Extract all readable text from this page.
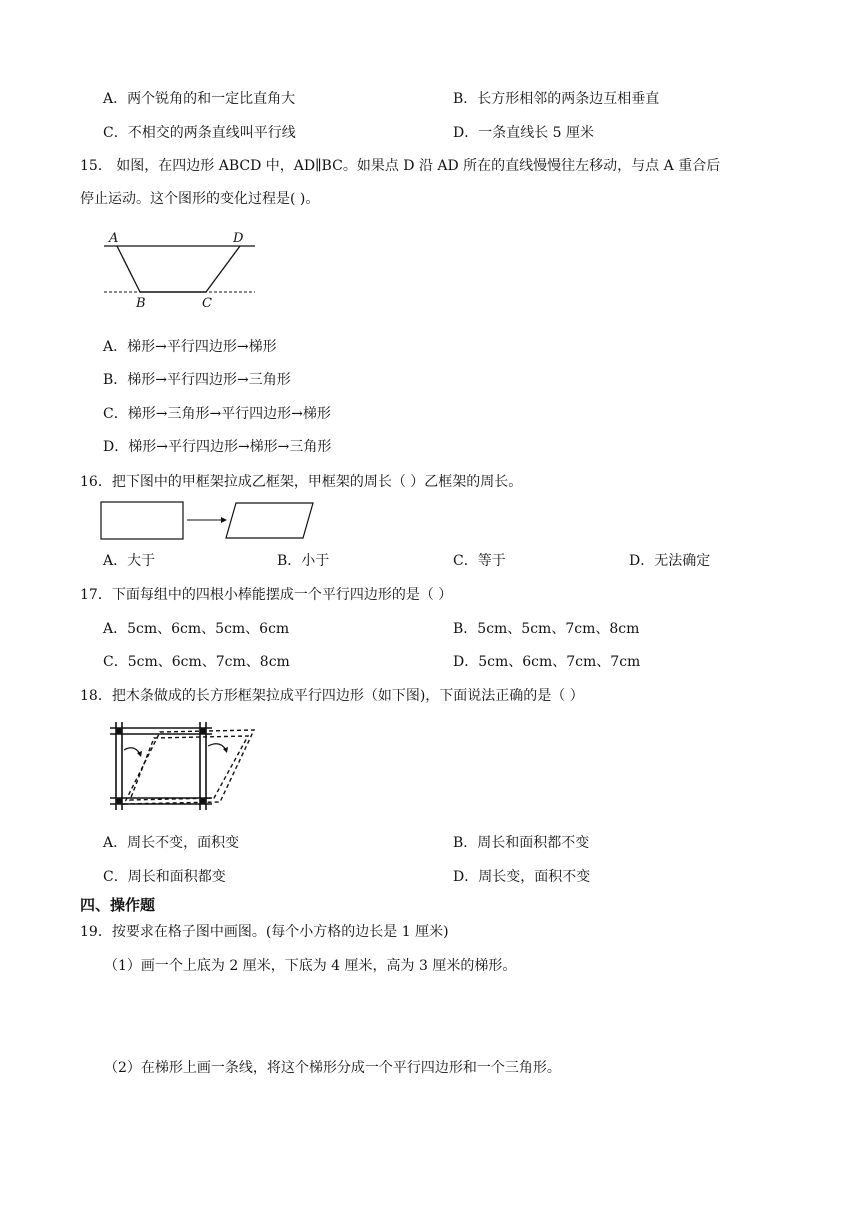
A．两个锐角的和一定比直角大	B．长方形相邻的两条边互相垂直
C．不相交的两条直线叫平行线	D．一条直线长 5 厘米
15． 如图，在四边形 ABCD 中，AD∥BC。如果点 D 沿 AD 所在的直线慢慢往左移动，与点 A 重合后
停止运动。这个图形的变化过程是( )。
A	D
B	C
A．梯形→平行四边形→梯形
B．梯形→平行四边形→三角形
C．梯形→三角形→平行四边形→梯形
D．梯形→平行四边形→梯形→三角形
16．把下图中的甲框架拉成乙框架，甲框架的周长（ ）乙框架的周长。
A．大于	B．小于	C．等于	D．无法确定
17．下面每组中的四根小棒能摆成一个平行四边形的是（ ）
A．5cm、6cm、5cm、6cm	B．5cm、5cm、7cm、8cm
C．5cm、6cm、7cm、8cm	D．5cm、6cm、7cm、7cm
18．把木条做成的长方形框架拉成平行四边形（如下图)，下面说法正确的是（ ）
A．周长不变，面积变	B．周长和面积都不变
C．周长和面积都变	D．周长变，面积不变
四、操作题
19．按要求在格子图中画图。(每个小方格的边长是 1 厘米)
（1）画一个上底为 2 厘米，下底为 4 厘米，高为 3 厘米的梯形。
（2）在梯形上画一条线，将这个梯形分成一个平行四边形和一个三角形。
